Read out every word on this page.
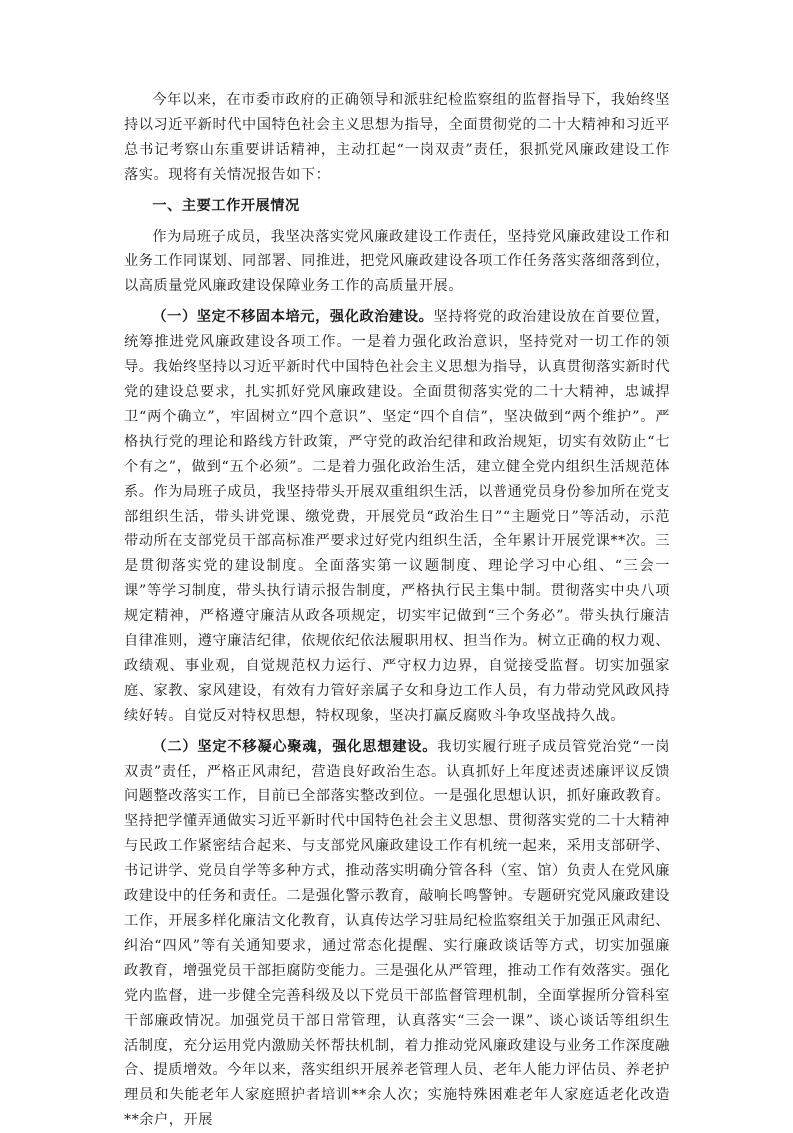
今年以来，在市委市政府的正确领导和派驻纪检监察组的监督指导下，我始终坚持以习近平新时代中国特色社会主义思想为指导，全面贯彻党的二十大精神和习近平总书记考察山东重要讲话精神，主动扛起“一岗双责”责任，狠抓党风廉政建设工作落实。现将有关情况报告如下：

一、主要工作开展情况

作为局班子成员，我坚决落实党风廉政建设工作责任，坚持党风廉政建设工作和业务工作同谋划、同部署、同推进，把党风廉政建设各项工作任务落实落细落到位，以高质量党风廉政建设保障业务工作的高质量开展。

（一）坚定不移固本培元，强化政治建设。坚持将党的政治建设放在首要位置，统筹推进党风廉政建设各项工作。一是着力强化政治意识，坚持党对一切工作的领导。我始终坚持以习近平新时代中国特色社会主义思想为指导，认真贯彻落实新时代党的建设总要求，扎实抓好党风廉政建设。全面贯彻落实党的二十大精神，忠诚捍卫“两个确立”，牢固树立“四个意识”、坚定“四个自信”，坚决做到“两个维护”。严格执行党的理论和路线方针政策，严守党的政治纪律和政治规矩，切实有效防止“七个有之”，做到“五个必须”。二是着力强化政治生活，建立健全党内组织生活规范体系。作为局班子成员，我坚持带头开展双重组织生活，以普通党员身份参加所在党支部组织生活，带头讲党课、缴党费，开展党员“政治生日”“主题党日”等活动，示范带动所在支部党员干部高标准严要求过好党内组织生活，全年累计开展党课**次。三是贯彻落实党的建设制度。全面落实第一议题制度、理论学习中心组、“三会一课”等学习制度，带头执行请示报告制度，严格执行民主集中制。贯彻落实中央八项规定精神，严格遵守廉洁从政各项规定，切实牢记做到“三个务必”。带头执行廉洁自律准则，遵守廉洁纪律，依规依纪依法履职用权、担当作为。树立正确的权力观、政绩观、事业观，自觉规范权力运行、严守权力边界，自觉接受监督。切实加强家庭、家教、家风建设，有效有力管好亲属子女和身边工作人员，有力带动党风政风持续好转。自觉反对特权思想，特权现象，坚决打赢反腐败斗争攻坚战持久战。

（二）坚定不移凝心聚魂，强化思想建设。我切实履行班子成员管党治党“一岗双责”责任，严格正风肃纪，营造良好政治生态。认真抓好上年度述责述廉评议反馈问题整改落实工作，目前已全部落实整改到位。一是强化思想认识，抓好廉政教育。坚持把学懂弄通做实习近平新时代中国特色社会主义思想、贯彻落实党的二十大精神与民政工作紧密结合起来、与支部党风廉政建设工作有机统一起来，采用支部研学、书记讲学、党员自学等多种方式，推动落实明确分管各科（室、馆）负责人在党风廉政建设中的任务和责任。二是强化警示教育，敲响长鸣警钟。专题研究党风廉政建设工作，开展多样化廉洁文化教育，认真传达学习驻局纪检监察组关于加强正风肃纪、纠治“四风”等有关通知要求，通过常态化提醒、实行廉政谈话等方式，切实加强廉政教育，增强党员干部拒腐防变能力。三是强化从严管理，推动工作有效落实。强化党内监督，进一步健全完善科级及以下党员干部监督管理机制，全面掌握所分管科室干部廉政情况。加强党员干部日常管理，认真落实“三会一课”、谈心谈话等组织生活制度，充分运用党内激励关怀帮扶机制，着力推动党风廉政建设与业务工作深度融合、提质增效。今年以来，落实组织开展养老管理人员、老年人能力评估员、养老护理员和失能老年人家庭照护者培训**余人次；实施特殊困难老年人家庭适老化改造**余户，开展
